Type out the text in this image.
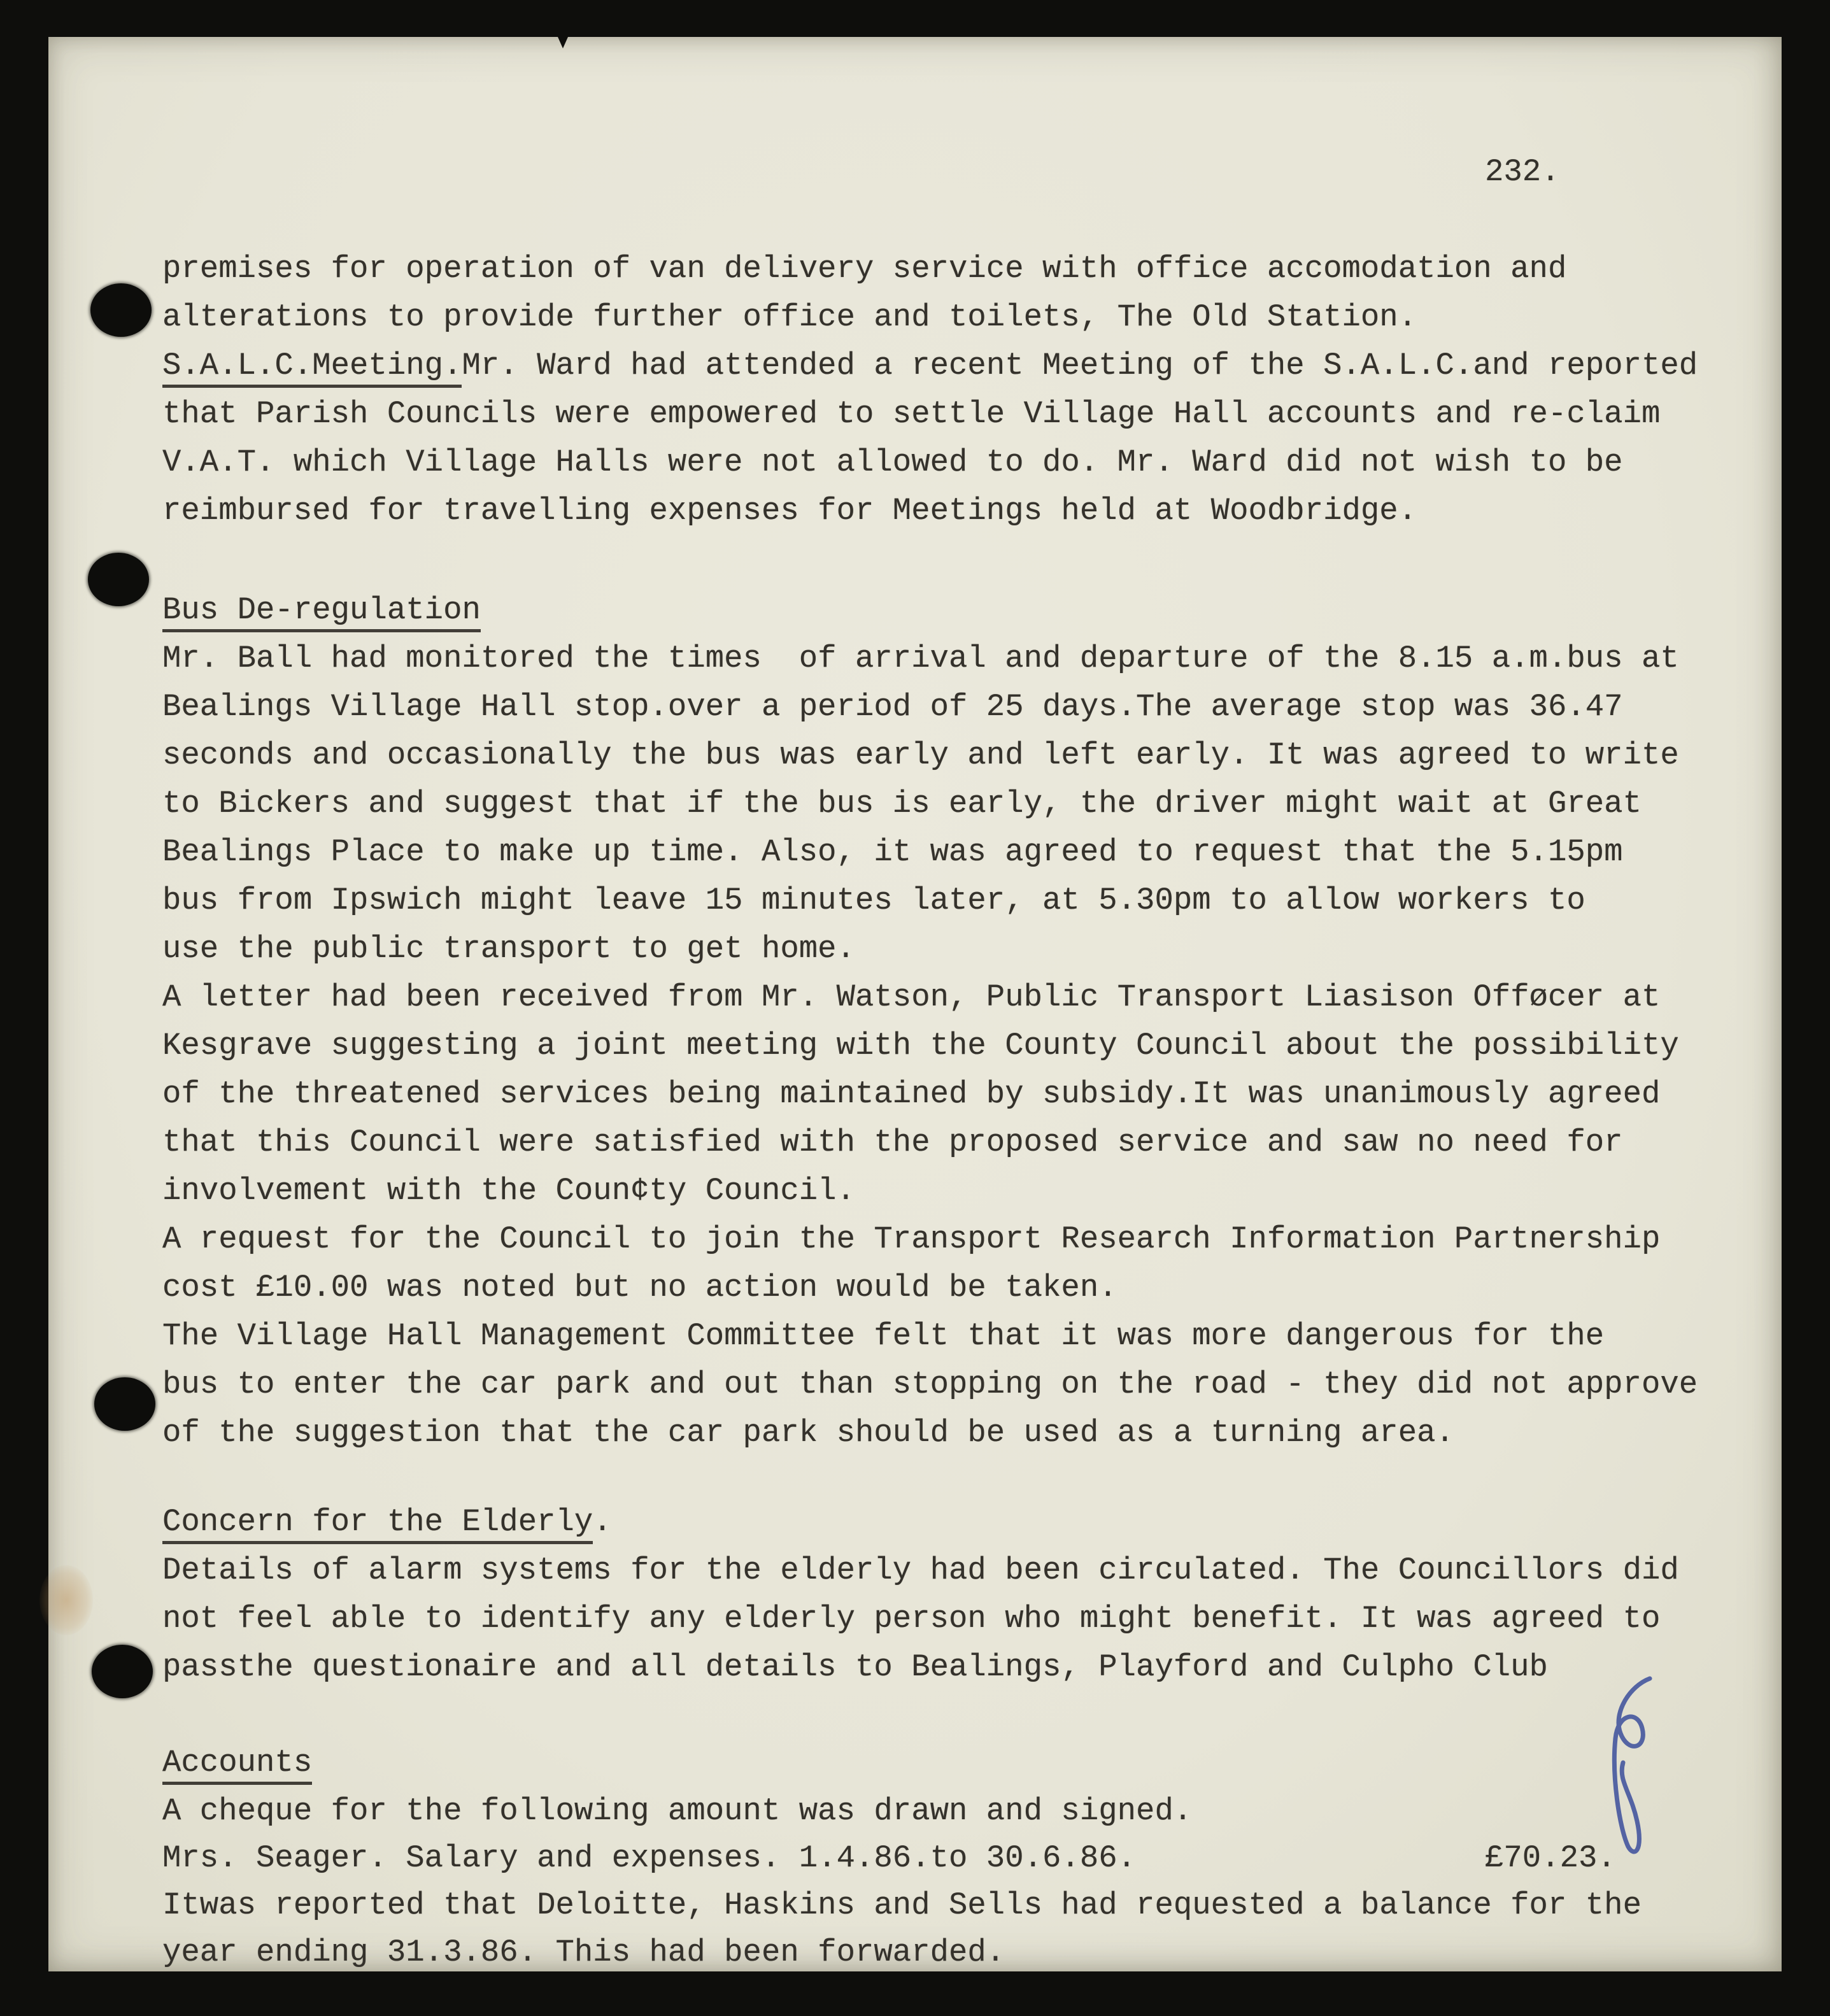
232.
premises for operation of van delivery service with office accomodation and
alterations to provide further office and toilets, The Old Station.
S.A.L.C.Meeting.Mr. Ward had attended a recent Meeting of the S.A.L.C.and reported
that Parish Councils were empowered to settle Village Hall accounts and re-claim
V.A.T. which Village Halls were not allowed to do. Mr. Ward did not wish to be
reimbursed for travelling expenses for Meetings held at Woodbridge.
Bus De-regulation
Mr. Ball had monitored the times  of arrival and departure of the 8.15 a.m.bus at
Bealings Village Hall stop.over a period of 25 days.The average stop was 36.47
seconds and occasionally the bus was early and left early. It was agreed to write
to Bickers and suggest that if the bus is early, the driver might wait at Great
Bealings Place to make up time. Also, it was agreed to request that the 5.15pm
bus from Ipswich might leave 15 minutes later, at 5.30pm to allow workers to
use the public transport to get home.
A letter had been received from Mr. Watson, Public Transport Liasison Offøcer at
Kesgrave suggesting a joint meeting with the County Council about the possibility
of the threatened services being maintained by subsidy.It was unanimously agreed
that this Council were satisfied with the proposed service and saw no need for
involvement with the Coun¢ty Council.
A request for the Council to join the Transport Research Information Partnership
cost £10.00 was noted but no action would be taken.
The Village Hall Management Committee felt that it was more dangerous for the
bus to enter the car park and out than stopping on the road - they did not approve
of the suggestion that the car park should be used as a turning area.
Concern for the Elderly.
Details of alarm systems for the elderly had been circulated. The Councillors did
not feel able to identify any elderly person who might benefit. It was agreed to
passthe questionaire and all details to Bealings, Playford and Culpho Club
Accounts
A cheque for the following amount was drawn and signed.
Mrs. Seager. Salary and expenses. 1.4.86.to 30.6.86.	£70.23.
Itwas reported that Deloitte, Haskins and Sells had requested a balance for the
year ending 31.3.86. This had been forwarded.
